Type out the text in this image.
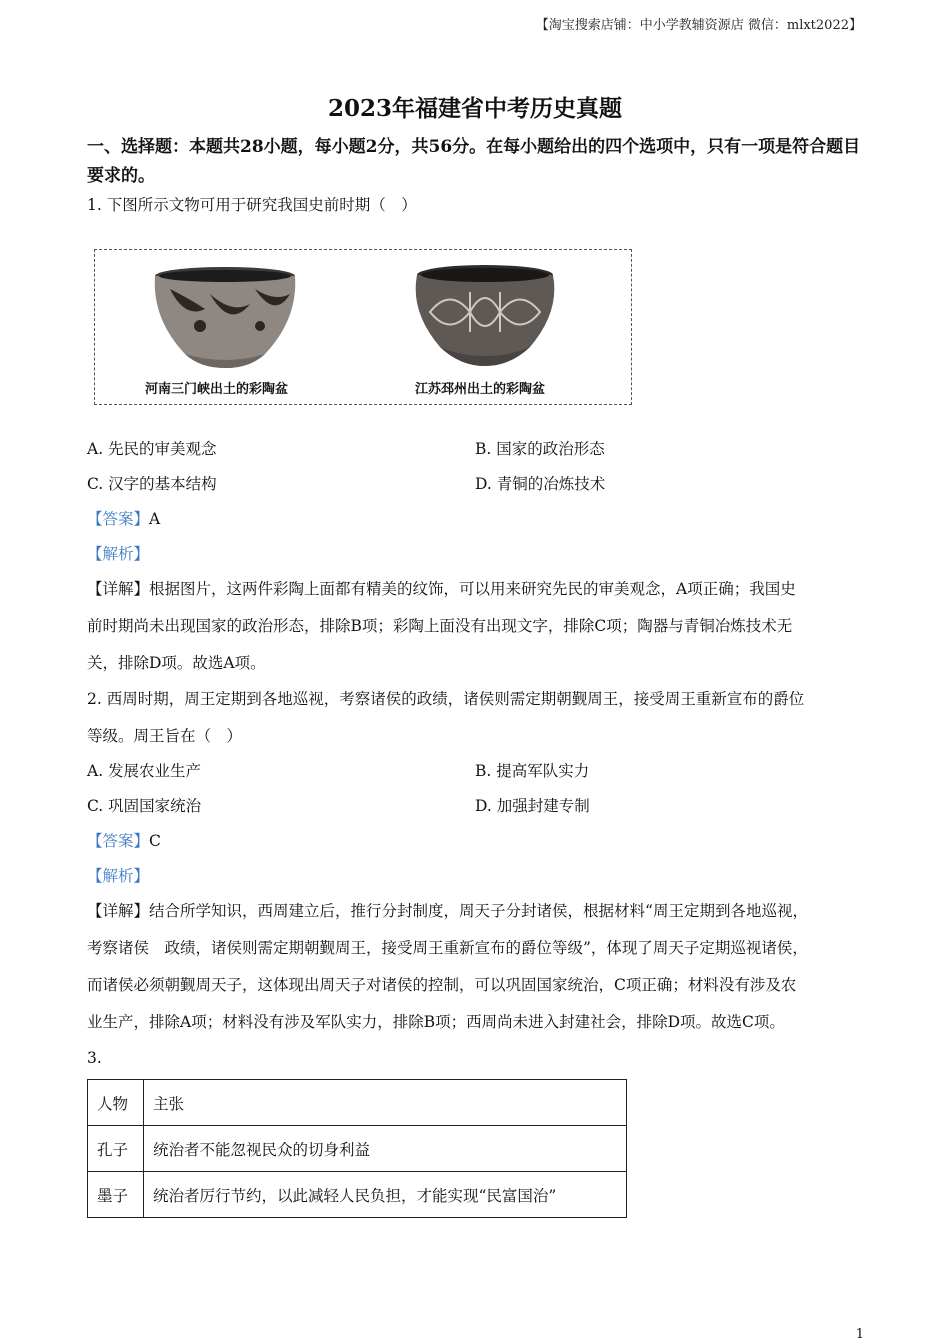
【淘宝搜索店铺：中小学教辅资源店 微信：mlxt2022】
2023年福建省中考历史真题
一、选择题：本题共28小题，每小题2分，共56分。在每小题给出的四个选项中，只有一项是符合题目要求的。
1. 下图所示文物可用于研究我国史前时期（　）
河南三门峡出土的彩陶盆	江苏邳州出土的彩陶盆
A. 先民的审美观念	B. 国家的政治形态
C. 汉字的基本结构	D. 青铜的冶炼技术
【答案】A
【解析】
【详解】根据图片，这两件彩陶上面都有精美的纹饰，可以用来研究先民的审美观念，A项正确；我国史
前时期尚未出现国家的政治形态，排除B项；彩陶上面没有出现文字，排除C项；陶器与青铜冶炼技术无
关，排除D项。故选A项。
2. 西周时期，周王定期到各地巡视，考察诸侯的政绩，诸侯则需定期朝觐周王，接受周王重新宣布的爵位
等级。周王旨在（　）
A. 发展农业生产	B. 提高军队实力
C. 巩固国家统治	D. 加强封建专制
【答案】C
【解析】
【详解】结合所学知识，西周建立后，推行分封制度，周天子分封诸侯，根据材料“周王定期到各地巡视，
考察诸侯　政绩，诸侯则需定期朝觐周王，接受周王重新宣布的爵位等级”，体现了周天子定期巡视诸侯，
而诸侯必须朝觐周天子，这体现出周天子对诸侯的控制，可以巩固国家统治，C项正确；材料没有涉及农
业生产，排除A项；材料没有涉及军队实力，排除B项；西周尚未进入封建社会，排除D项。故选C项。
3.
人物	主张
孔子	统治者不能忽视民众的切身利益
墨子	统治者厉行节约，以此减轻人民负担，才能实现“民富国治”
1
